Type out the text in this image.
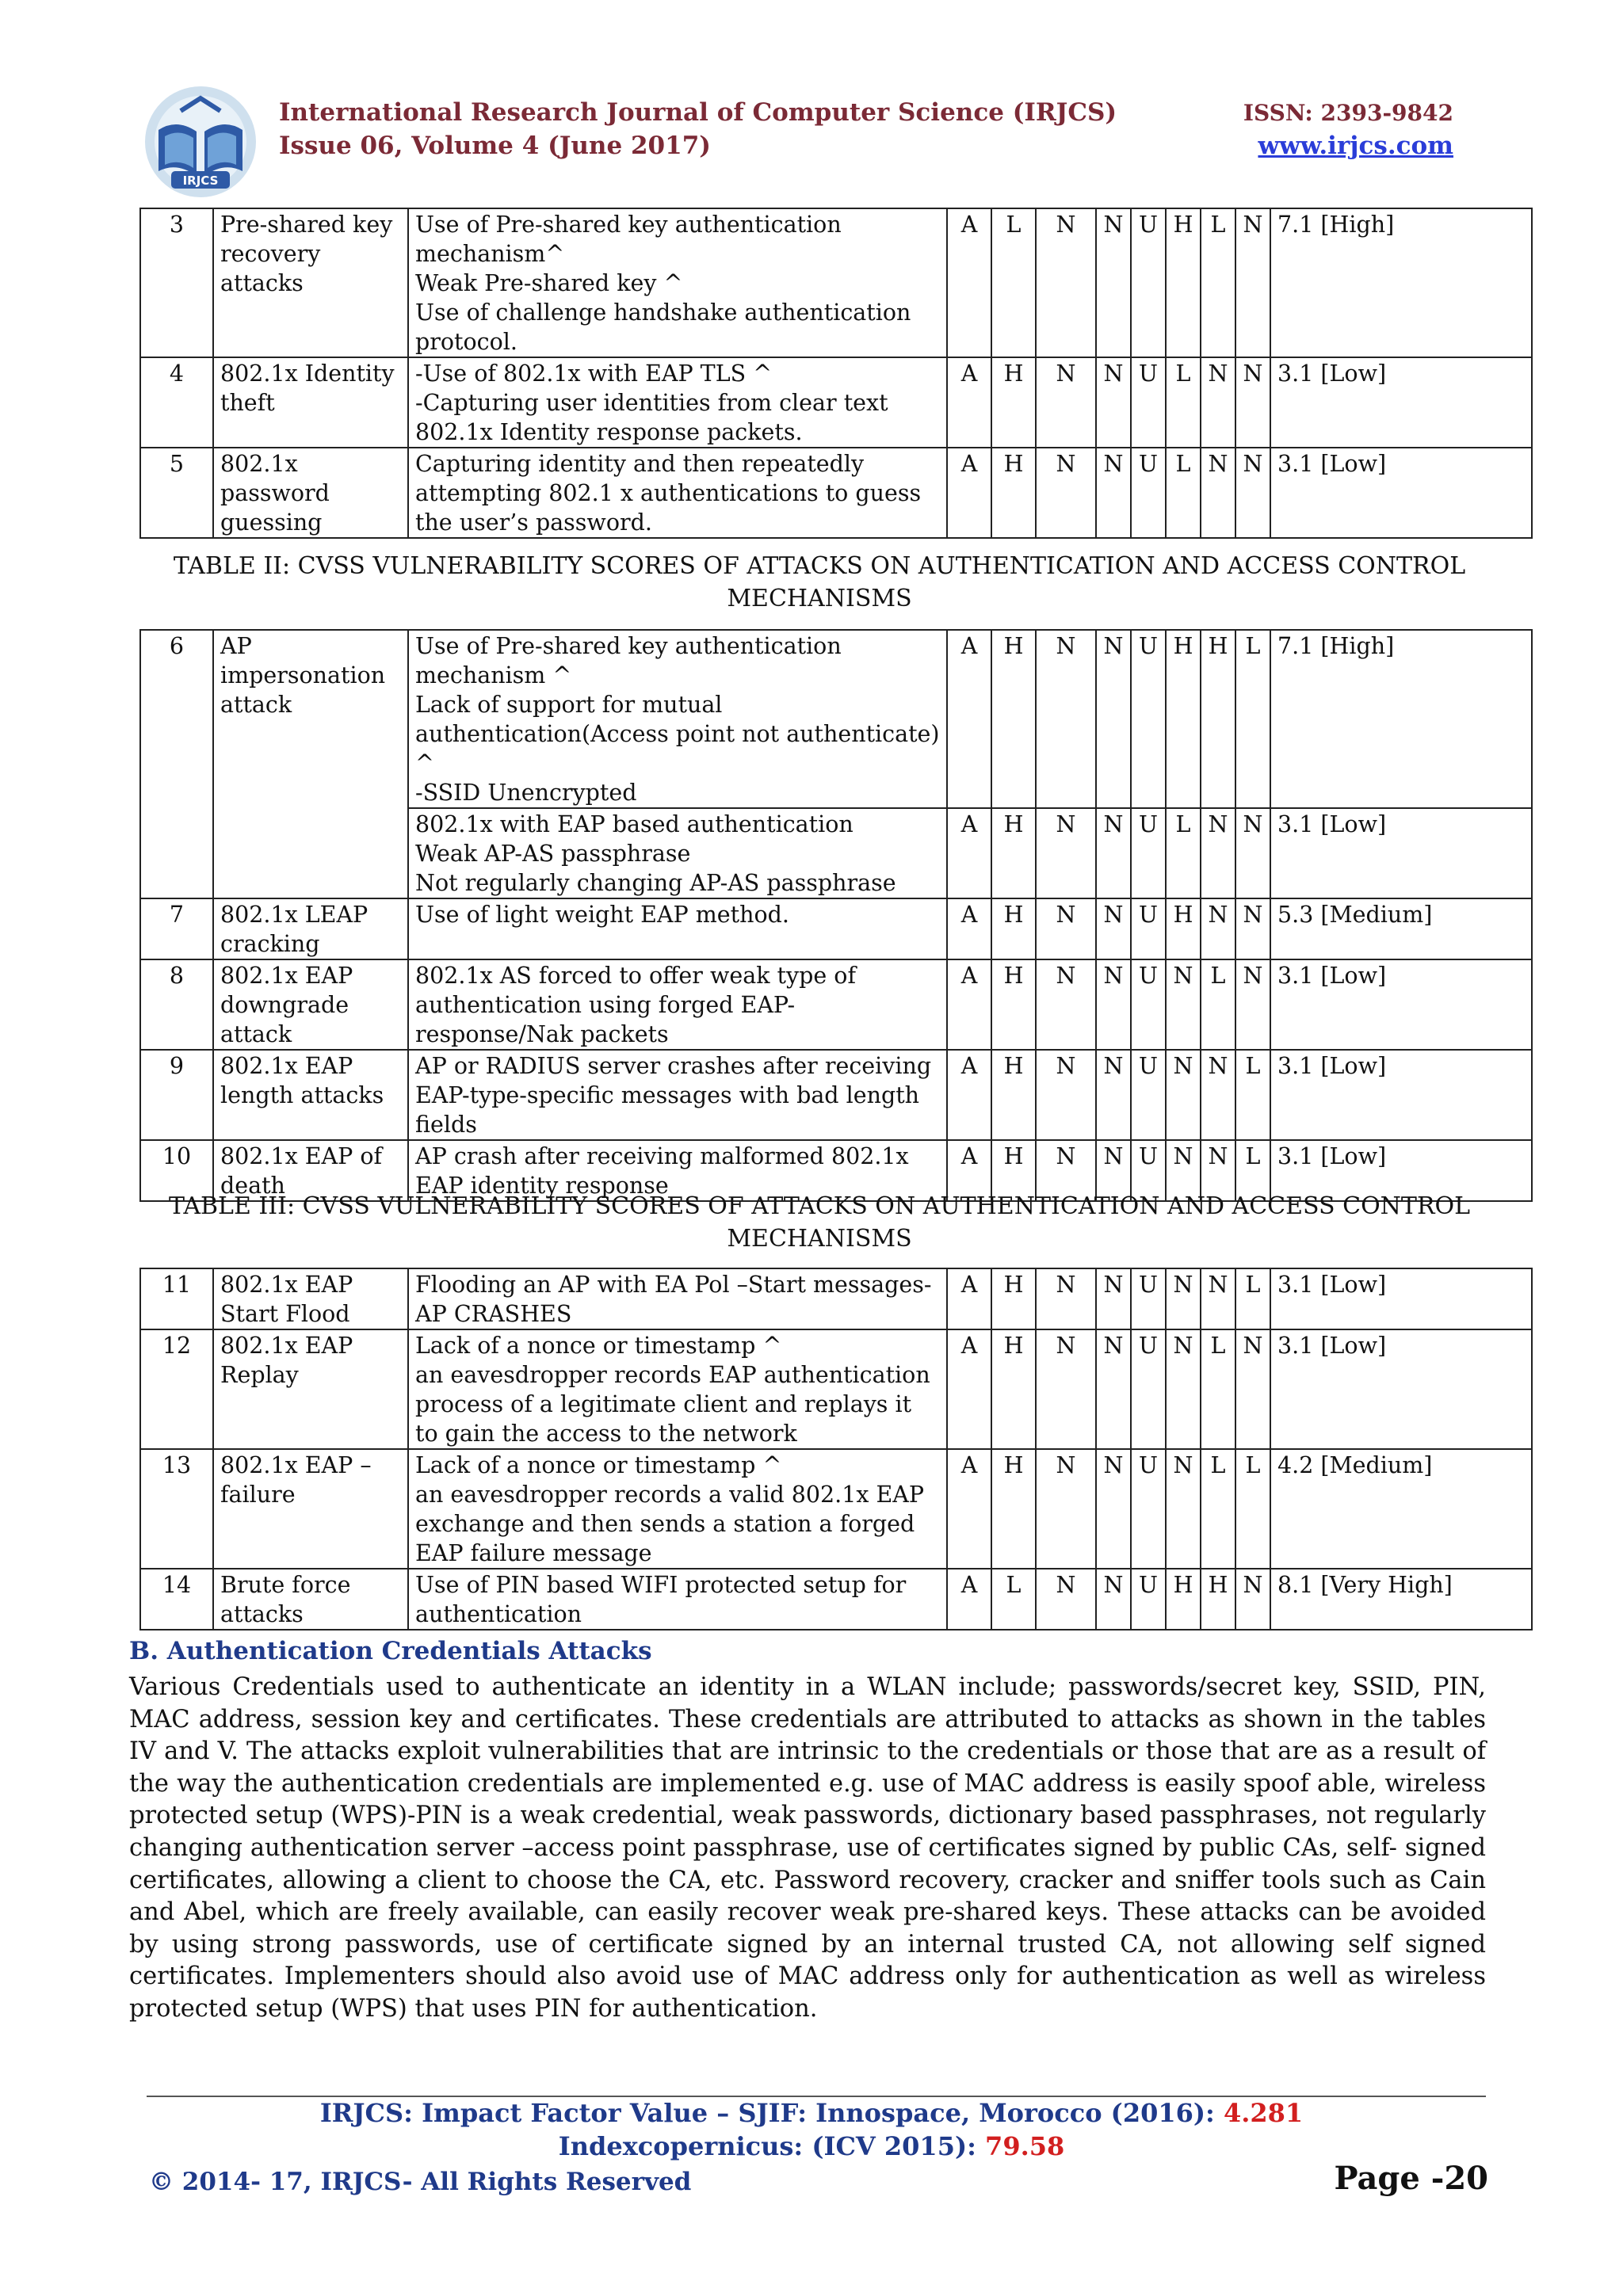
IRJCS
International Research Journal of Computer Science (IRJCS)
Issue 06, Volume 4 (June 2017)
ISSN: 2393-9842
www.irjcs.com
3	Pre-shared key recovery attacks	Use of Pre-shared key authentication mechanism^
Weak Pre-shared key ^
Use of challenge handshake authentication protocol.	A	L	N	N	U	H	L	N	7.1 [High]
4	802.1x Identity theft	-Use of 802.1x with EAP TLS ^
-Capturing user identities from clear text 802.1x Identity response packets.	A	H	N	N	U	L	N	N	3.1 [Low]
5	802.1x password guessing	Capturing identity and then repeatedly attempting 802.1 x authentications to guess the user’s password.	A	H	N	N	U	L	N	N	3.1 [Low]
TABLE II: CVSS VULNERABILITY SCORES OF ATTACKS ON AUTHENTICATION AND ACCESS CONTROL MECHANISMS
6	AP impersonation attack	Use of Pre-shared key authentication mechanism ^
Lack of support for mutual authentication(Access point not authenticate) ^
-SSID Unencrypted	A	H	N	N	U	H	H	L	7.1 [High]
		802.1x with EAP based authentication
Weak AP-AS passphrase
Not regularly changing AP-AS passphrase	A	H	N	N	U	L	N	N	3.1 [Low]
7	802.1x LEAP cracking	Use of light weight EAP method.	A	H	N	N	U	H	N	N	5.3 [Medium]
8	802.1x EAP downgrade attack	802.1x AS forced to offer weak type of authentication using forged EAP-response/Nak packets	A	H	N	N	U	N	L	N	3.1 [Low]
9	802.1x EAP length attacks	AP or RADIUS server crashes after receiving EAP-type-specific messages with bad length fields	A	H	N	N	U	N	N	L	3.1 [Low]
10	802.1x EAP of death	AP crash after receiving malformed 802.1x EAP identity response	A	H	N	N	U	N	N	L	3.1 [Low]
TABLE III: CVSS VULNERABILITY SCORES OF ATTACKS ON AUTHENTICATION AND ACCESS CONTROL MECHANISMS
11	802.1x EAP Start Flood	Flooding an AP with EA Pol –Start messages-AP CRASHES	A	H	N	N	U	N	N	L	3.1 [Low]
12	802.1x EAP Replay	Lack of a nonce or timestamp ^
an eavesdropper records EAP authentication process of a legitimate client and replays it to gain the access to the network	A	H	N	N	U	N	L	N	3.1 [Low]
13	802.1x EAP – failure	Lack of a nonce or timestamp ^
an eavesdropper records a valid 802.1x EAP exchange and then sends a station a forged EAP failure message	A	H	N	N	U	N	L	L	4.2 [Medium]
14	Brute force attacks	Use of PIN based WIFI protected setup for authentication	A	L	N	N	U	H	H	N	8.1 [Very High]
B. Authentication Credentials Attacks
Various Credentials used to authenticate an identity in a WLAN include; passwords/secret key, SSID, PIN, MAC address, session key and certificates. These credentials are attributed to attacks as shown in the tables IV and V. The attacks exploit vulnerabilities that are intrinsic to the credentials or those that are as a result of the way the authentication credentials are implemented e.g. use of MAC address is easily spoof able, wireless protected setup (WPS)-PIN is a weak credential, weak passwords, dictionary based passphrases, not regularly changing authentication server –access point passphrase, use of certificates signed by public CAs, self- signed certificates, allowing a client to choose the CA, etc. Password recovery, cracker and sniffer tools such as Cain and Abel, which are freely available, can easily recover weak pre-shared keys. These attacks can be avoided by using strong passwords, use of certificate signed by an internal trusted CA, not allowing self signed certificates. Implementers should also avoid use of MAC address only for authentication as well as wireless protected setup (WPS) that uses PIN for authentication.
IRJCS: Impact Factor Value – SJIF: Innospace, Morocco (2016): 4.281
Indexcopernicus: (ICV 2015): 79.58
© 2014- 17, IRJCS- All Rights Reserved	Page -20
